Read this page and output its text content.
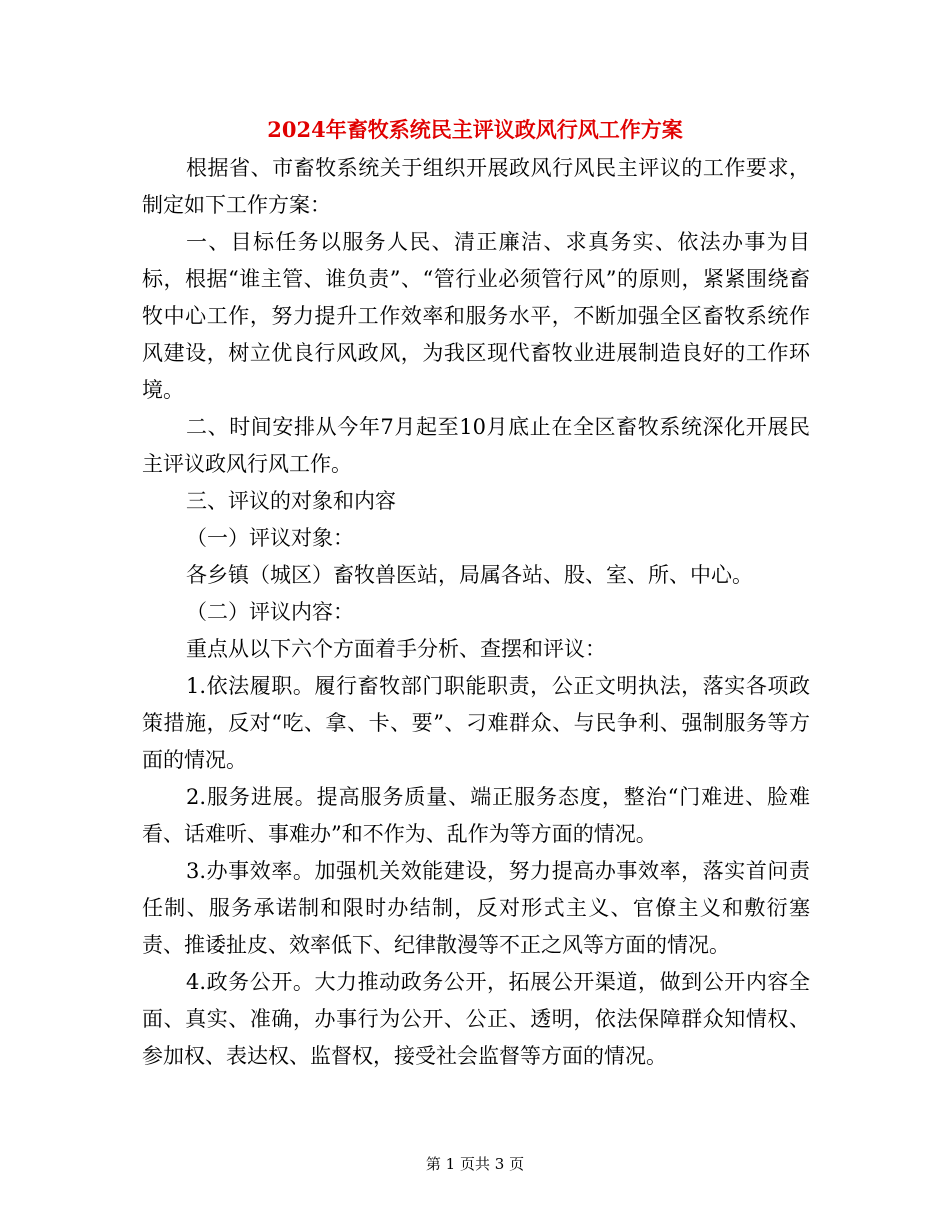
2024年畜牧系统民主评议政风行风工作方案

根据省、市畜牧系统关于组织开展政风行风民主评议的工作要求，制定如下工作方案：

一、目标任务以服务人民、清正廉洁、求真务实、依法办事为目标，根据“谁主管、谁负责”、“管行业必须管行风”的原则，紧紧围绕畜牧中心工作，努力提升工作效率和服务水平，不断加强全区畜牧系统作风建设，树立优良行风政风，为我区现代畜牧业进展制造良好的工作环境。

二、时间安排从今年7月起至10月底止在全区畜牧系统深化开展民主评议政风行风工作。

三、评议的对象和内容

（一）评议对象：

各乡镇（城区）畜牧兽医站，局属各站、股、室、所、中心。

（二）评议内容：

重点从以下六个方面着手分析、查摆和评议：

1.依法履职。履行畜牧部门职能职责，公正文明执法，落实各项政策措施，反对“吃、拿、卡、要”、刁难群众、与民争利、强制服务等方面的情况。

2.服务进展。提高服务质量、端正服务态度，整治“门难进、脸难看、话难听、事难办”和不作为、乱作为等方面的情况。

3.办事效率。加强机关效能建设，努力提高办事效率，落实首问责任制、服务承诺制和限时办结制，反对形式主义、官僚主义和敷衍塞责、推诿扯皮、效率低下、纪律散漫等不正之风等方面的情况。

4.政务公开。大力推动政务公开，拓展公开渠道，做到公开内容全面、真实、准确，办事行为公开、公正、透明，依法保障群众知情权、参加权、表达权、监督权，接受社会监督等方面的情况。

第 1 页共 3 页
